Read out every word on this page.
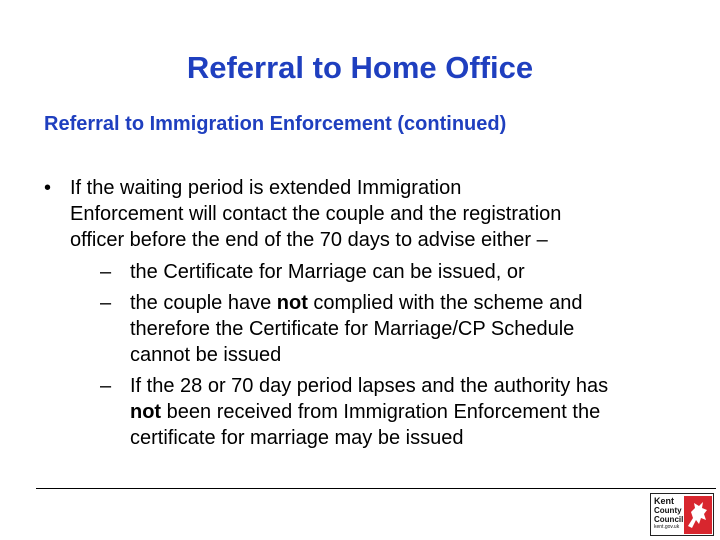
Referral to Home Office
Referral to Immigration Enforcement (continued)
• If the waiting period is extended Immigration
Enforcement will contact the couple and the registration
officer before the end of the 70 days to advise either –
– the Certificate for Marriage can be issued, or
– the couple have not complied with the scheme and
therefore the Certificate for Marriage/CP Schedule
cannot be issued
– If the 28 or 70 day period lapses and the authority has
not been received from Immigration Enforcement the
certificate for marriage may be issued
Kent
County
Council
kent.gov.uk
